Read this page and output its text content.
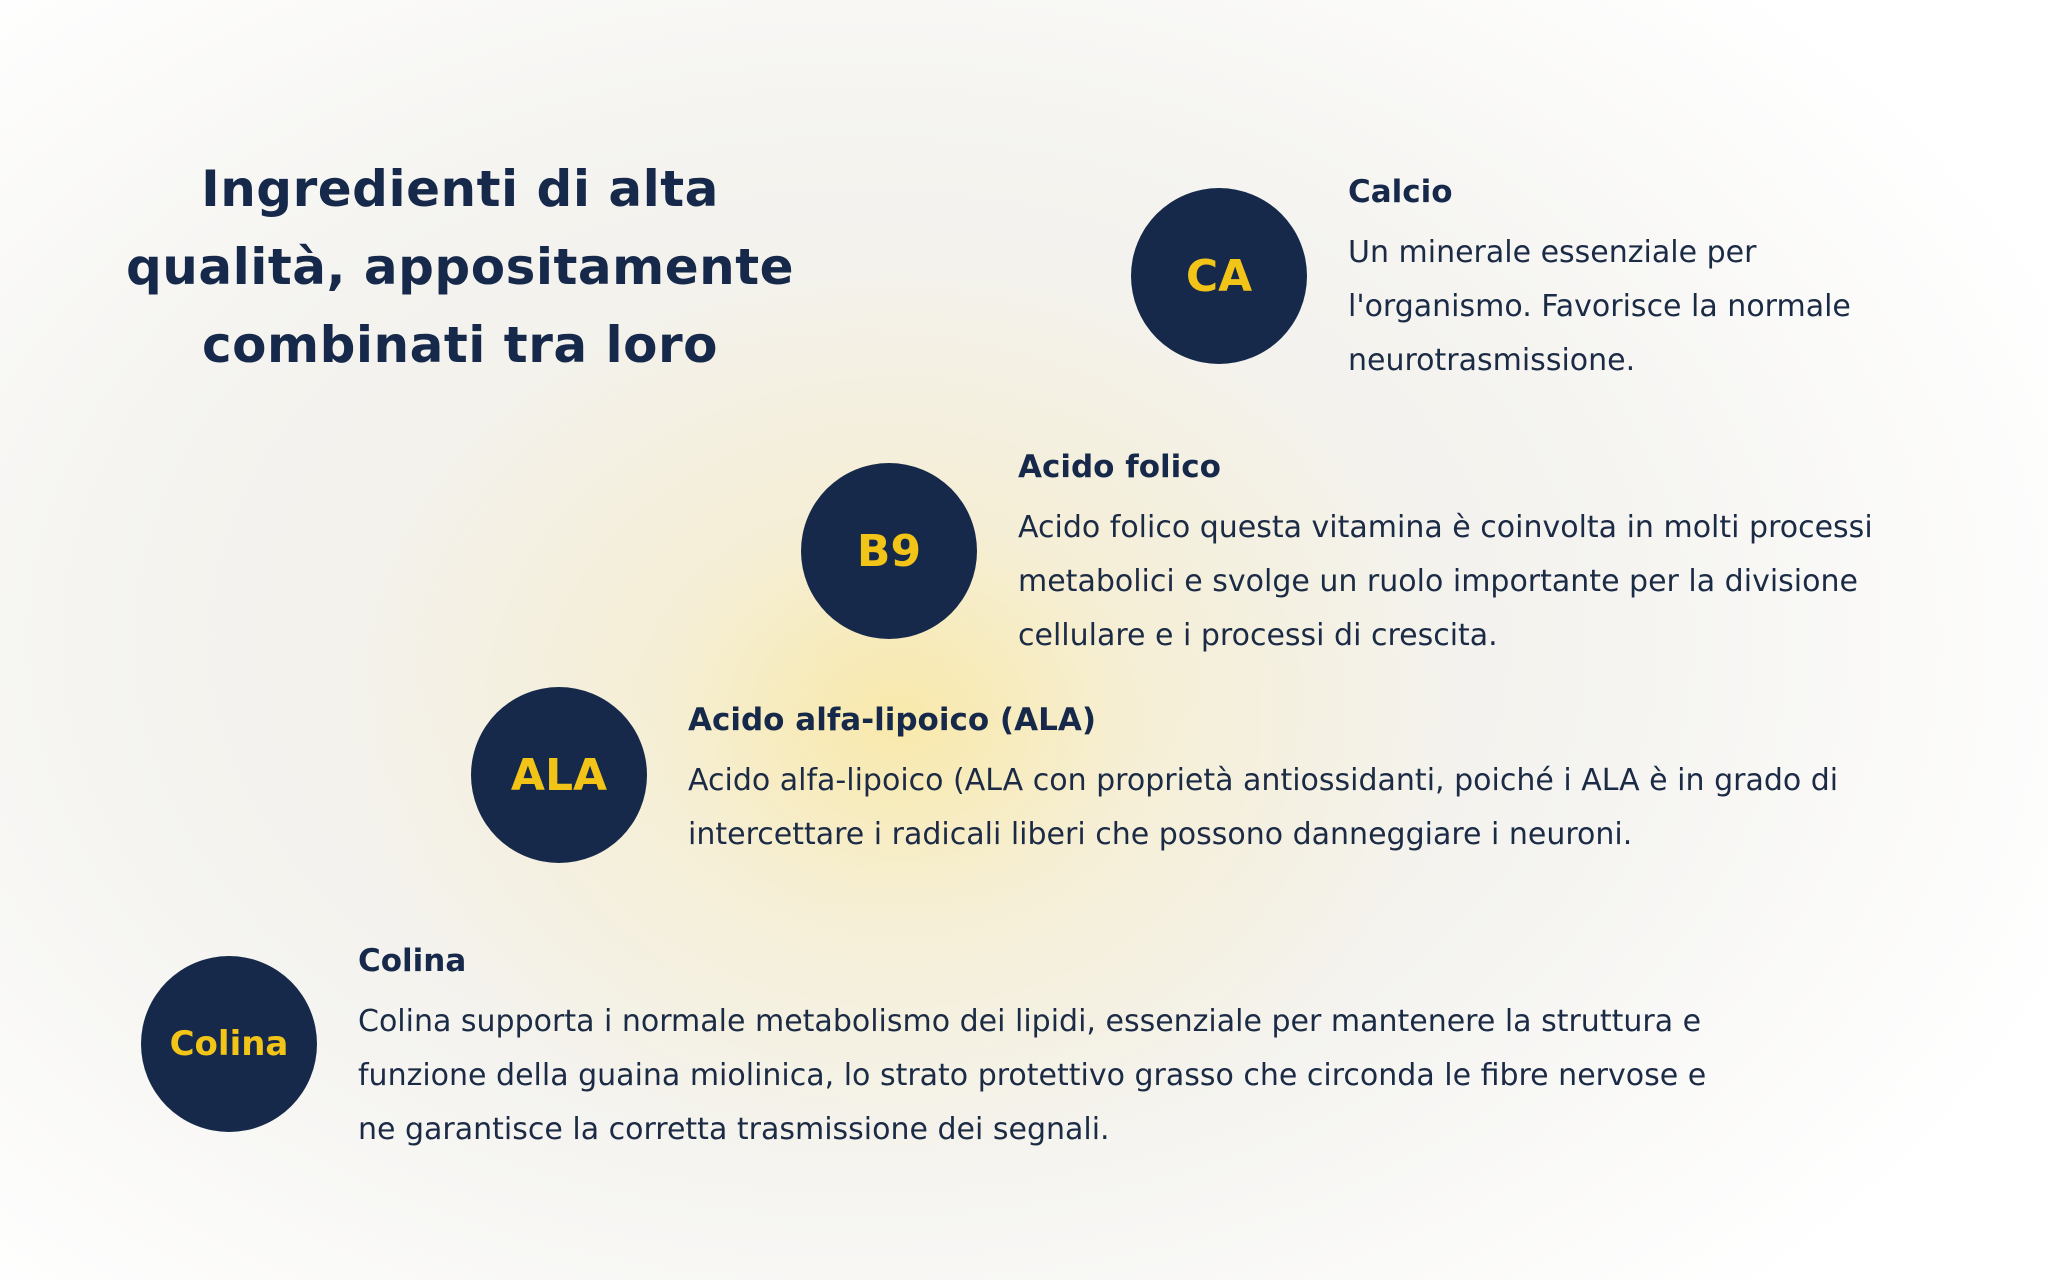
Ingredienti di alta qualità, appositamente combinati tra loro
CA
Calcio

Un minerale essenziale per l'organismo. Favorisce la normale neurotrasmissione.

B9
Acido folico

Acido folico questa vitamina è coinvolta in molti processi metabolici e svolge un ruolo importante per la divisione cellulare e i processi di crescita.

ALA
Acido alfa-lipoico (ALA)

Acido alfa-lipoico (ALA con proprietà antiossidanti, poiché i ALA è in grado di intercettare i radicali liberi che possono danneggiare i neuroni.

Colina
Colina

Colina supporta i normale metabolismo dei lipidi, essenziale per mantenere la struttura e funzione della guaina miolinica, lo strato protettivo grasso che circonda le fibre nervose e ne garantisce la corretta trasmissione dei segnali.
